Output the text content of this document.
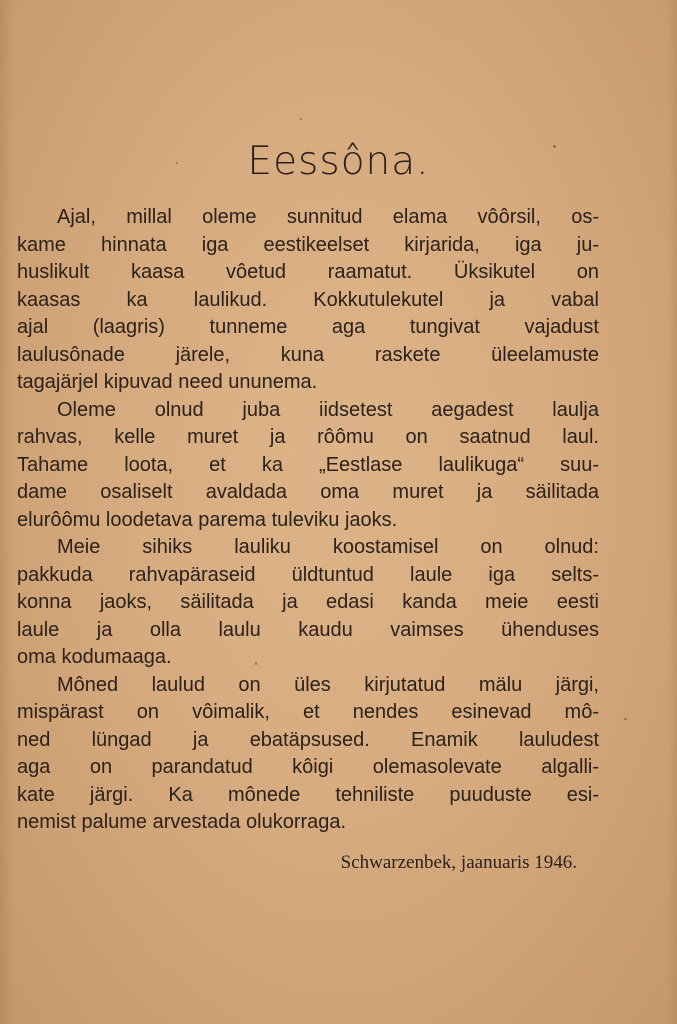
Eessôna.
Ajal, millal oleme sunnitud elama vôôrsil, os-
kame hinnata iga eestikeelset kirjarida, iga ju-
huslikult kaasa vôetud raamatut. Üksikutel on
kaasas ka laulikud. Kokkutulekutel ja vabal
ajal (laagris) tunneme aga tungivat vajadust
laulusônade järele, kuna raskete üleelamuste
tagajärjel kipuvad need ununema.
Oleme olnud juba iidsetest aegadest laulja
rahvas, kelle muret ja rôômu on saatnud laul.
Tahame loota, et ka „Eestlase laulikuga“ suu-
dame osaliselt avaldada oma muret ja säilitada
elurôômu loodetava parema tuleviku jaoks.
Meie sihiks lauliku koostamisel on olnud:
pakkuda rahvapäraseid üldtuntud laule iga selts-
konna jaoks, säilitada ja edasi kanda meie eesti
laule ja olla laulu kaudu vaimses ühenduses
oma kodumaaga.
Môned laulud on üles kirjutatud mälu järgi,
mispärast on vôimalik, et nendes esinevad mô-
ned lüngad ja ebatäpsused. Enamik lauludest
aga on parandatud kôigi olemasolevate algalli-
kate järgi. Ka mônede tehniliste puuduste esi-
nemist palume arvestada olukorraga.
Schwarzenbek, jaanuaris 1946.
